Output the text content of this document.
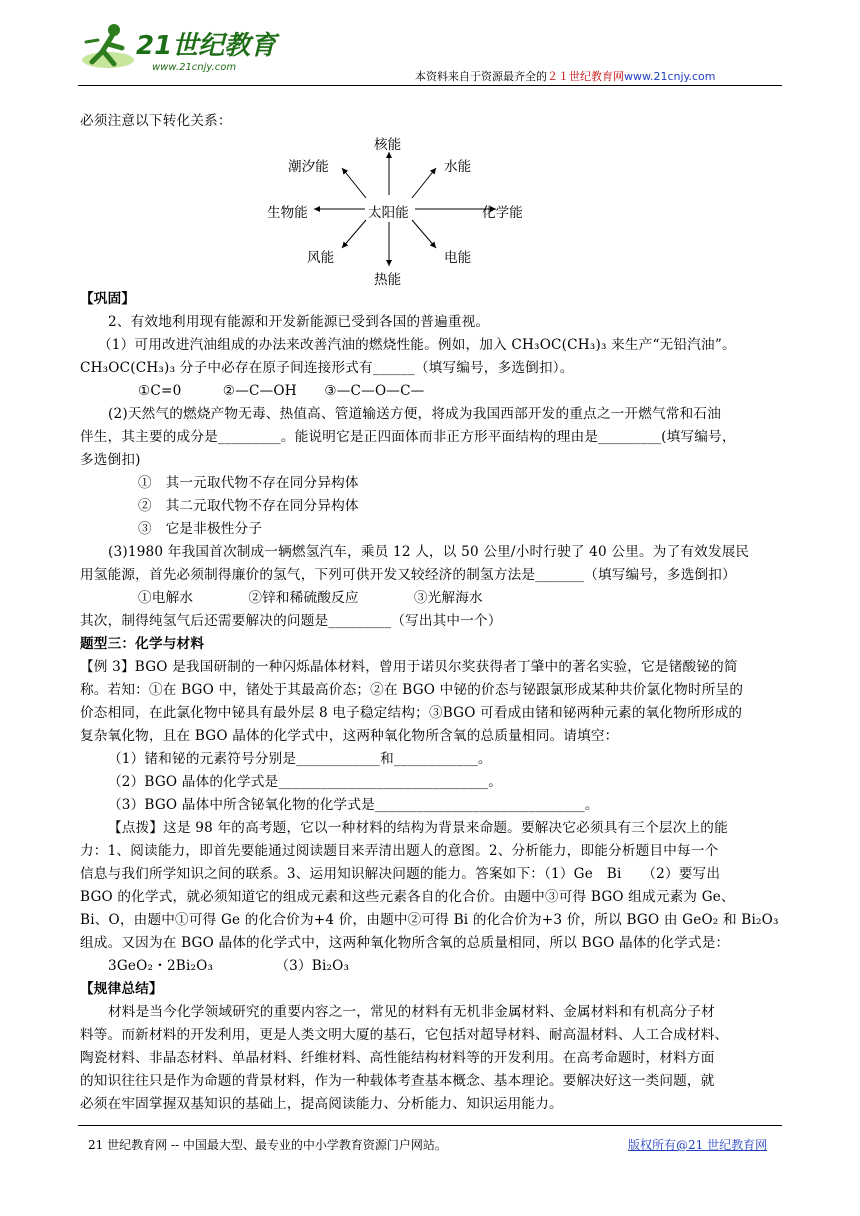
21世纪教育
www.21cnjy.com
本资料来自于资源最齐全的２１世纪教育网www.21cnjy.com
必须注意以下转化关系：
核能
潮汐能	水能
生物能	太阳能	化学能
风能	电能
热能
【巩固】
2、有效地利用现有能源和开发新能源已受到各国的普遍重视。
（1）可用改进汽油组成的办法来改善汽油的燃烧性能。例如，加入 CH₃OC(CH₃)₃ 来生产“无铅汽油”。
CH₃OC(CH₃)₃ 分子中必存在原子间连接形式有______（填写编号，多选倒扣）。
①C=0　　　②—C—OH　　③—C—O—C—
(2)天然气的燃烧产物无毒、热值高、管道输送方便，将成为我国西部开发的重点之一开燃气常和石油
伴生，其主要的成分是_________。能说明它是正四面体而非正方形平面结构的理由是_________(填写编号，
多选倒扣)
①　其一元取代物不存在同分异构体
②　其二元取代物不存在同分异构体
③　它是非极性分子
(3)1980 年我国首次制成一辆燃氢汽车，乘员 12 人，以 50 公里/小时行驶了 40 公里。为了有效发展民
用氢能源，首先必须制得廉价的氢气，下列可供开发又较经济的制氢方法是_______（填写编号，多选倒扣）
①电解水　　　　②锌和稀硫酸反应　　　　③光解海水
其次，制得纯氢气后还需要解决的问题是_________（写出其中一个）
题型三：化学与材料
【例 3】BGO 是我国研制的一种闪烁晶体材料，曾用于诺贝尔奖获得者丁肇中的著名实验，它是锗酸铋的简
称。若知：①在 BGO 中，锗处于其最高价态；②在 BGO 中铋的价态与铋跟氯形成某种共价氯化物时所呈的
价态相同，在此氯化物中铋具有最外层 8 电子稳定结构；③BGO 可看成由锗和铋两种元素的氧化物所形成的
复杂氧化物，且在 BGO 晶体的化学式中，这两种氧化物所含氧的总质量相同。请填空：
（1）锗和铋的元素符号分别是____________和____________。
（2）BGO 晶体的化学式是______________________________。
（3）BGO 晶体中所含铋氧化物的化学式是______________________________。
【点拨】这是 98 年的高考题，它以一种材料的结构为背景来命题。要解决它必须具有三个层次上的能
力：1、阅读能力，即首先要能通过阅读题目来弄清出题人的意图。2、分析能力，即能分析题目中每一个
信息与我们所学知识之间的联系。3、运用知识解决问题的能力。答案如下：（1）Ge　Bi　　（2）要写出
BGO 的化学式，就必须知道它的组成元素和这些元素各自的化合价。由题中③可得 BGO 组成元素为 Ge、
Bi、O，由题中①可得 Ge 的化合价为+4 价，由题中②可得 Bi 的化合价为+3 价，所以 BGO 由 GeO₂ 和 Bi₂O₃
组成。又因为在 BGO 晶体的化学式中，这两种氧化物所含氧的总质量相同，所以 BGO 晶体的化学式是：
3GeO₂・2Bi₂O₃　　　　　（3）Bi₂O₃
【规律总结】
材料是当今化学领域研究的重要内容之一，常见的材料有无机非金属材料、金属材料和有机高分子材
料等。而新材料的开发利用，更是人类文明大厦的基石，它包括对超导材料、耐高温材料、人工合成材料、
陶瓷材料、非晶态材料、单晶材料、纤维材料、高性能结构材料等的开发利用。在高考命题时，材料方面
的知识往往只是作为命题的背景材料，作为一种载体考查基本概念、基本理论。要解决好这一类问题，就
必须在牢固掌握双基知识的基础上，提高阅读能力、分析能力、知识运用能力。
21 世纪教育网 -- 中国最大型、最专业的中小学教育资源门户网站。	版权所有@21 世纪教育网
